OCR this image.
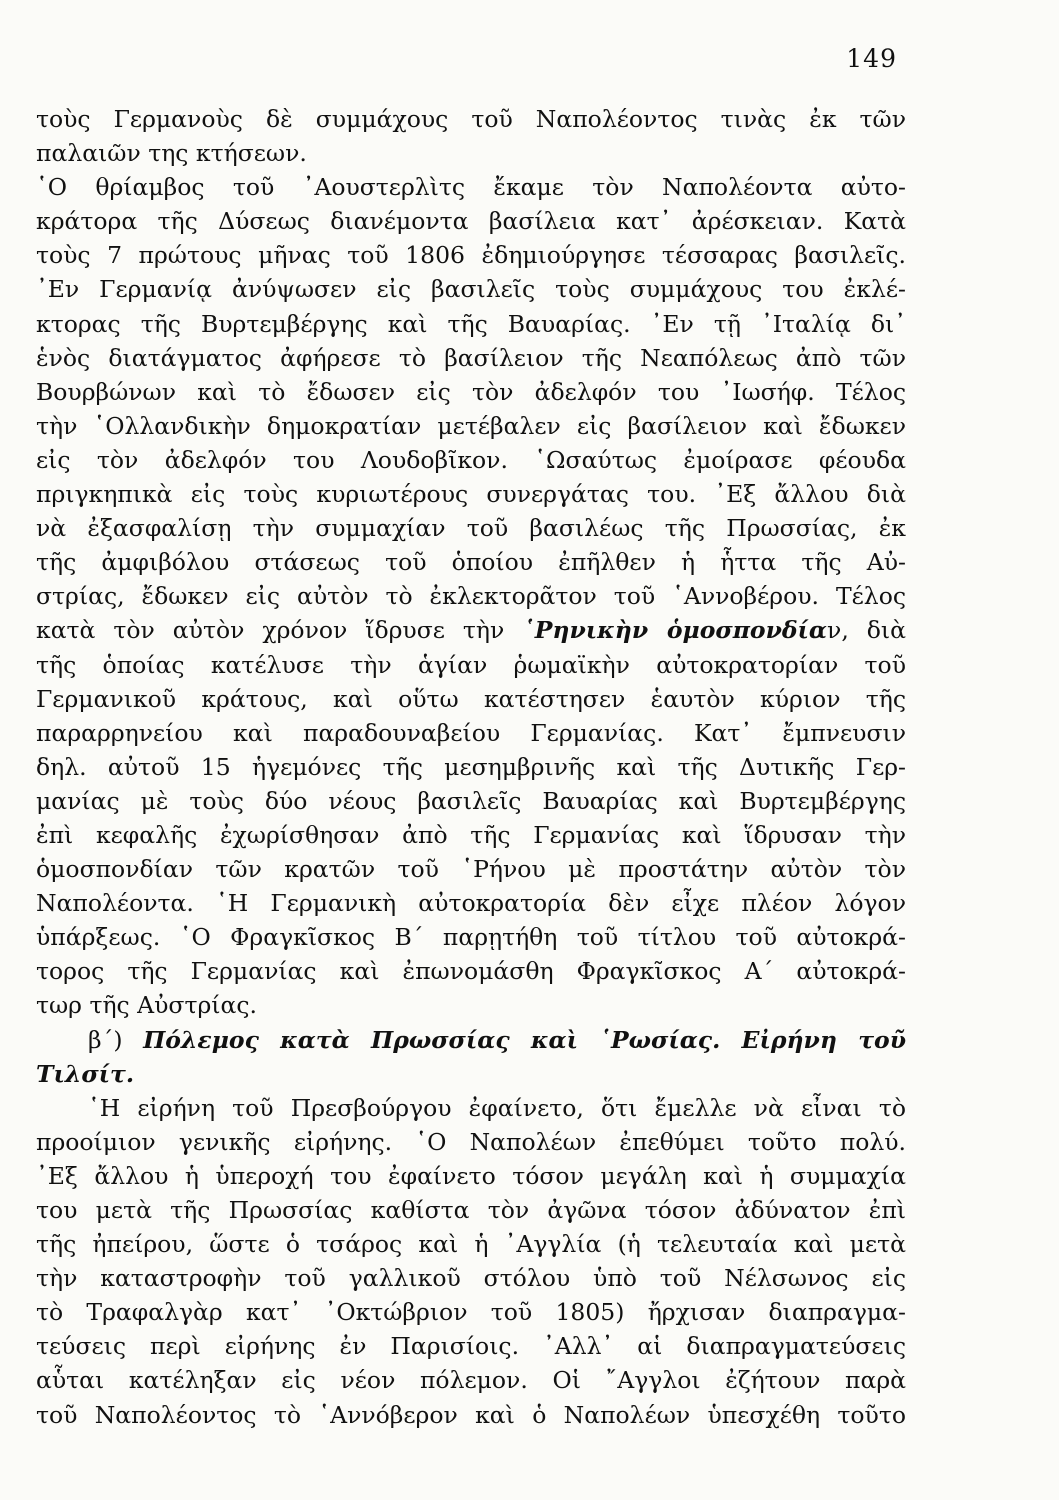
149
τοὺς Γερμανοὺς δὲ συμμάχους τοῦ Ναπολέοντος τινὰς ἐκ τῶν
παλαιῶν της κτήσεων.
῾Ο θρίαμβος τοῦ ᾿Αουστερλὶτς ἔκαμε τὸν Ναπολέοντα αὐτο-
κράτορα τῆς Δύσεως διανέμοντα βασίλεια κατ᾿ ἀρέσκειαν. Κατὰ
τοὺς 7 πρώτους μῆνας τοῦ 1806 ἐδημιούργησε τέσσαρας βασιλεῖς.
᾿Εν Γερμανίᾳ ἀνύψωσεν εἰς βασιλεῖς τοὺς συμμάχους του ἐκλέ-
κτορας τῆς Βυρτεμβέργης καὶ τῆς Βαυαρίας. ᾿Εν τῇ ᾿Ιταλίᾳ δι᾿
ἑνὸς διατάγματος ἀφήρεσε τὸ βασίλειον τῆς Νεαπόλεως ἀπὸ τῶν
Βουρβώνων καὶ τὸ ἔδωσεν εἰς τὸν ἀδελφόν του ᾿Ιωσήφ. Τέλος
τὴν ῾Ολλανδικὴν δημοκρατίαν μετέβαλεν εἰς βασίλειον καὶ ἔδωκεν
εἰς τὸν ἀδελφόν του Λουδοβῖκον. ῾Ωσαύτως ἐμοίρασε φέουδα
πριγκηπικὰ εἰς τοὺς κυριωτέρους συνεργάτας του. ᾿Εξ ἄλλου διὰ
νὰ ἐξασφαλίσῃ τὴν συμμαχίαν τοῦ βασιλέως τῆς Πρωσσίας, ἐκ
τῆς ἀμφιβόλου στάσεως τοῦ ὁποίου ἐπῆλθεν ἡ ἧττα τῆς Αὐ-
στρίας, ἔδωκεν εἰς αὐτὸν τὸ ἐκλεκτορᾶτον τοῦ ῾Αννοβέρου. Τέλος
κατὰ τὸν αὐτὸν χρόνον ἵδρυσε τὴν ῾Ρηνικὴν ὁμοσπονδίαν, διὰ
τῆς ὁποίας κατέλυσε τὴν ἁγίαν ῥωμαϊκὴν αὐτοκρατορίαν τοῦ
Γερμανικοῦ κράτους, καὶ οὕτω κατέστησεν ἑαυτὸν κύριον τῆς
παραρρηνείου καὶ παραδουναβείου Γερμανίας. Κατ᾿ ἔμπνευσιν
δηλ. αὐτοῦ 15 ἡγεμόνες τῆς μεσημβρινῆς καὶ τῆς Δυτικῆς Γερ-
μανίας μὲ τοὺς δύο νέους βασιλεῖς Βαυαρίας καὶ Βυρτεμβέργης
ἐπὶ κεφαλῆς ἐχωρίσθησαν ἀπὸ τῆς Γερμανίας καὶ ἵδρυσαν τὴν
ὁμοσπονδίαν τῶν κρατῶν τοῦ ῾Ρήνου μὲ προστάτην αὐτὸν τὸν
Ναπολέοντα. ῾Η Γερμανικὴ αὐτοκρατορία δὲν εἶχε πλέον λόγον
ὑπάρξεως. ῾Ο Φραγκῖσκος Β΄ παρῃτήθη τοῦ τίτλου τοῦ αὐτοκρά-
τορος τῆς Γερμανίας καὶ ἐπωνομάσθη Φραγκῖσκος Α΄ αὐτοκρά-
τωρ τῆς Αὐστρίας.
β΄) Πόλεμος κατὰ Πρωσσίας καὶ ῾Ρωσίας. Εἰρήνη τοῦ
Τιλσίτ.
῾Η εἰρήνη τοῦ Πρεσβούργου ἐφαίνετο, ὅτι ἔμελλε νὰ εἶναι τὸ
προοίμιον γενικῆς εἰρήνης. ῾Ο Ναπολέων ἐπεθύμει τοῦτο πολύ.
᾿Εξ ἄλλου ἡ ὑπεροχή του ἐφαίνετο τόσον μεγάλη καὶ ἡ συμμαχία
του μετὰ τῆς Πρωσσίας καθίστα τὸν ἀγῶνα τόσον ἀδύνατον ἐπὶ
τῆς ἠπείρου, ὥστε ὁ τσάρος καὶ ἡ ᾿Αγγλία (ἡ τελευταία καὶ μετὰ
τὴν καταστροφὴν τοῦ γαλλικοῦ στόλου ὑπὸ τοῦ Νέλσωνος εἰς
τὸ Τραφαλγὰρ κατ᾿ ᾿Οκτώβριον τοῦ 1805) ἤρχισαν διαπραγμα-
τεύσεις περὶ εἰρήνης ἐν Παρισίοις. ᾿Αλλ᾿ αἱ διαπραγματεύσεις
αὗται κατέληξαν εἰς νέον πόλεμον. Οἱ ῎Αγγλοι ἐζήτουν παρὰ
τοῦ Ναπολέοντος τὸ ῾Αννόβερον καὶ ὁ Ναπολέων ὑπεσχέθη τοῦτο
